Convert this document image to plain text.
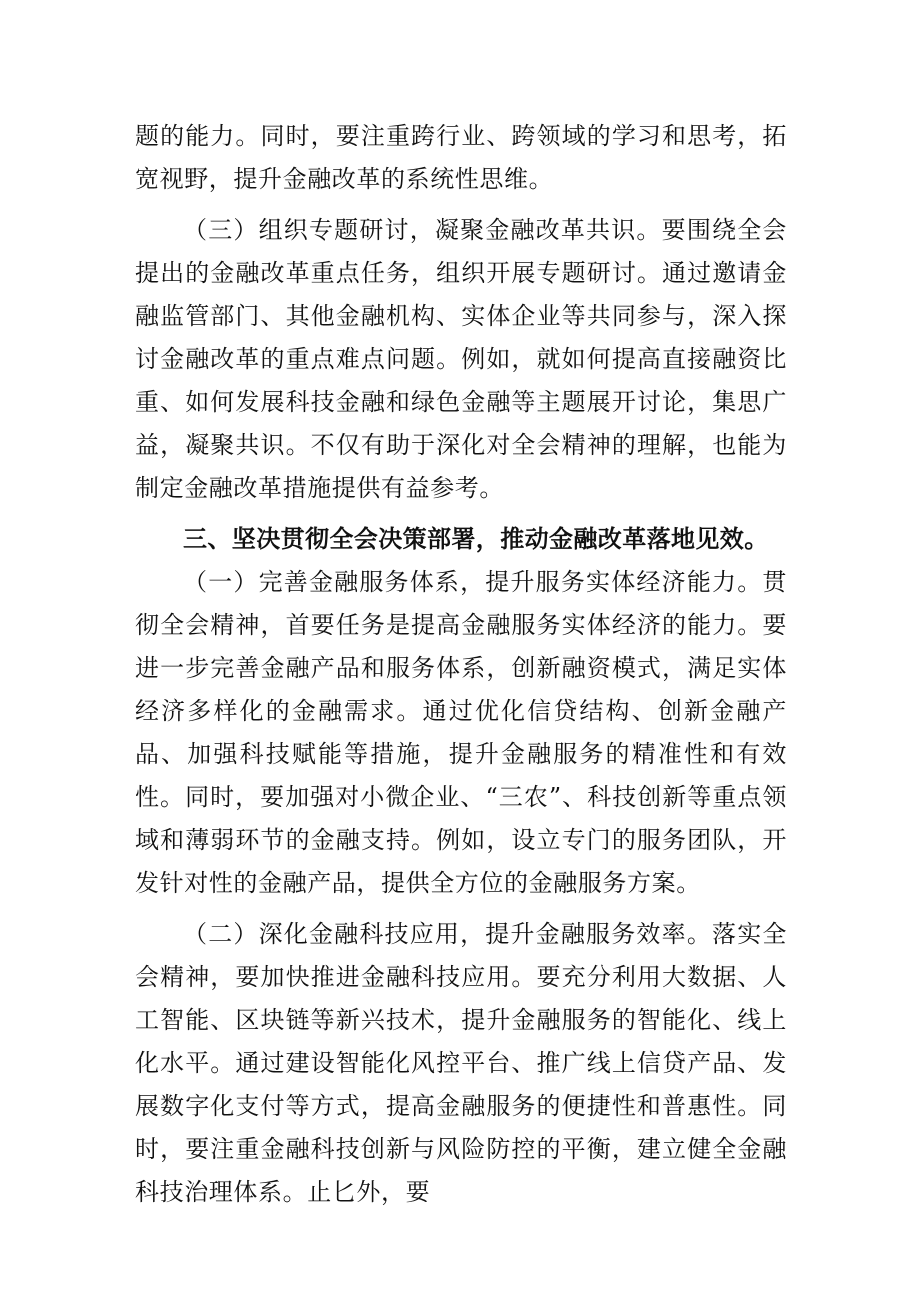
题的能力。同时，要注重跨行业、跨领域的学习和思考，拓宽视野，提升金融改革的系统性思维。

（三）组织专题研讨，凝聚金融改革共识。要围绕全会提出的金融改革重点任务，组织开展专题研讨。通过邀请金融监管部门、其他金融机构、实体企业等共同参与，深入探讨金融改革的重点难点问题。例如，就如何提高直接融资比重、如何发展科技金融和绿色金融等主题展开讨论，集思广益，凝聚共识。不仅有助于深化对全会精神的理解，也能为制定金融改革措施提供有益参考。

三、坚决贯彻全会决策部署，推动金融改革落地见效。

（一）完善金融服务体系，提升服务实体经济能力。贯彻全会精神，首要任务是提高金融服务实体经济的能力。要进一步完善金融产品和服务体系，创新融资模式，满足实体经济多样化的金融需求。通过优化信贷结构、创新金融产品、加强科技赋能等措施，提升金融服务的精准性和有效性。同时，要加强对小微企业、“三农”、科技创新等重点领域和薄弱环节的金融支持。例如，设立专门的服务团队，开发针对性的金融产品，提供全方位的金融服务方案。

（二）深化金融科技应用，提升金融服务效率。落实全会精神，要加快推进金融科技应用。要充分利用大数据、人工智能、区块链等新兴技术，提升金融服务的智能化、线上化水平。通过建设智能化风控平台、推广线上信贷产品、发展数字化支付等方式，提高金融服务的便捷性和普惠性。同时，要注重金融科技创新与风险防控的平衡，建立健全金融科技治理体系。止匕外，要
